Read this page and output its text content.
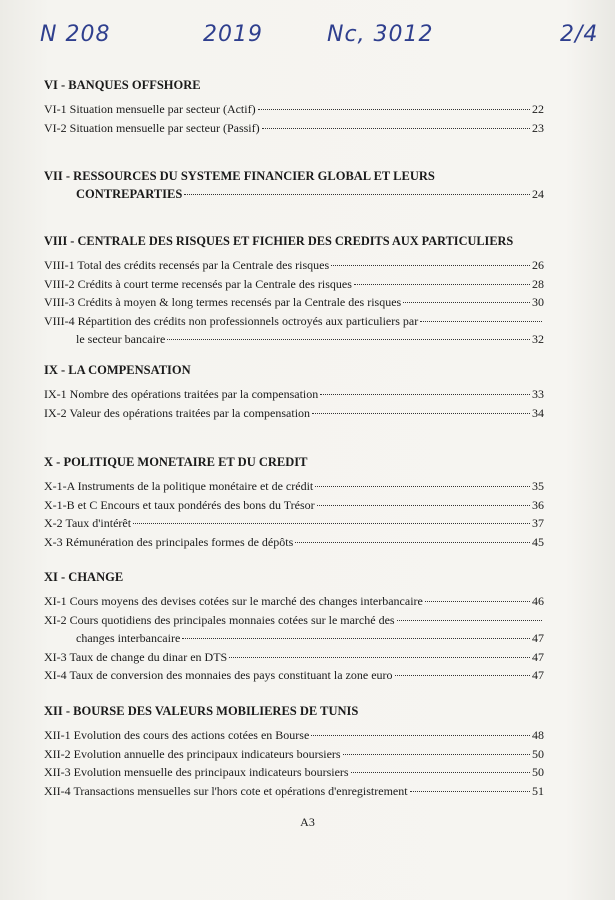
N 208	2019	Nc, 3012	2/4
VI - BANQUES OFFSHORE
VI-1 Situation mensuelle par secteur (Actif)	22
VI-2 Situation mensuelle par secteur (Passif)	23
VII - RESSOURCES DU SYSTEME FINANCIER GLOBAL ET LEURS
CONTREPARTIES	24
VIII - CENTRALE DES RISQUES ET FICHIER DES CREDITS AUX PARTICULIERS
VIII-1 Total des crédits recensés par la Centrale des risques	26
VIII-2 Crédits à court terme recensés par la Centrale des risques	28
VIII-3 Crédits à moyen & long termes recensés par la Centrale des risques	30
VIII-4 Répartition des crédits non professionnels octroyés aux particuliers par
le secteur bancaire	32
IX - LA COMPENSATION
IX-1 Nombre des opérations traitées par la compensation	33
IX-2 Valeur des opérations traitées par la compensation	34
X - POLITIQUE MONETAIRE ET DU CREDIT
X-1-A Instruments de la politique monétaire et de crédit	35
X-1-B et C Encours et taux pondérés des bons du Trésor	36
X-2 Taux d'intérêt	37
X-3 Rémunération des principales formes de dépôts	45
XI - CHANGE
XI-1 Cours moyens des devises cotées sur le marché des changes interbancaire	46
XI-2 Cours quotidiens des principales monnaies cotées sur le marché des
changes interbancaire	47
XI-3 Taux de change du dinar en DTS	47
XI-4 Taux de conversion des monnaies des pays constituant la zone euro	47
XII - BOURSE DES VALEURS MOBILIERES DE TUNIS
XII-1 Evolution des cours des actions cotées en Bourse	48
XII-2 Evolution annuelle des principaux indicateurs boursiers	50
XII-3 Evolution mensuelle des principaux indicateurs boursiers	50
XII-4 Transactions mensuelles sur l'hors cote et opérations d'enregistrement	51
A3
